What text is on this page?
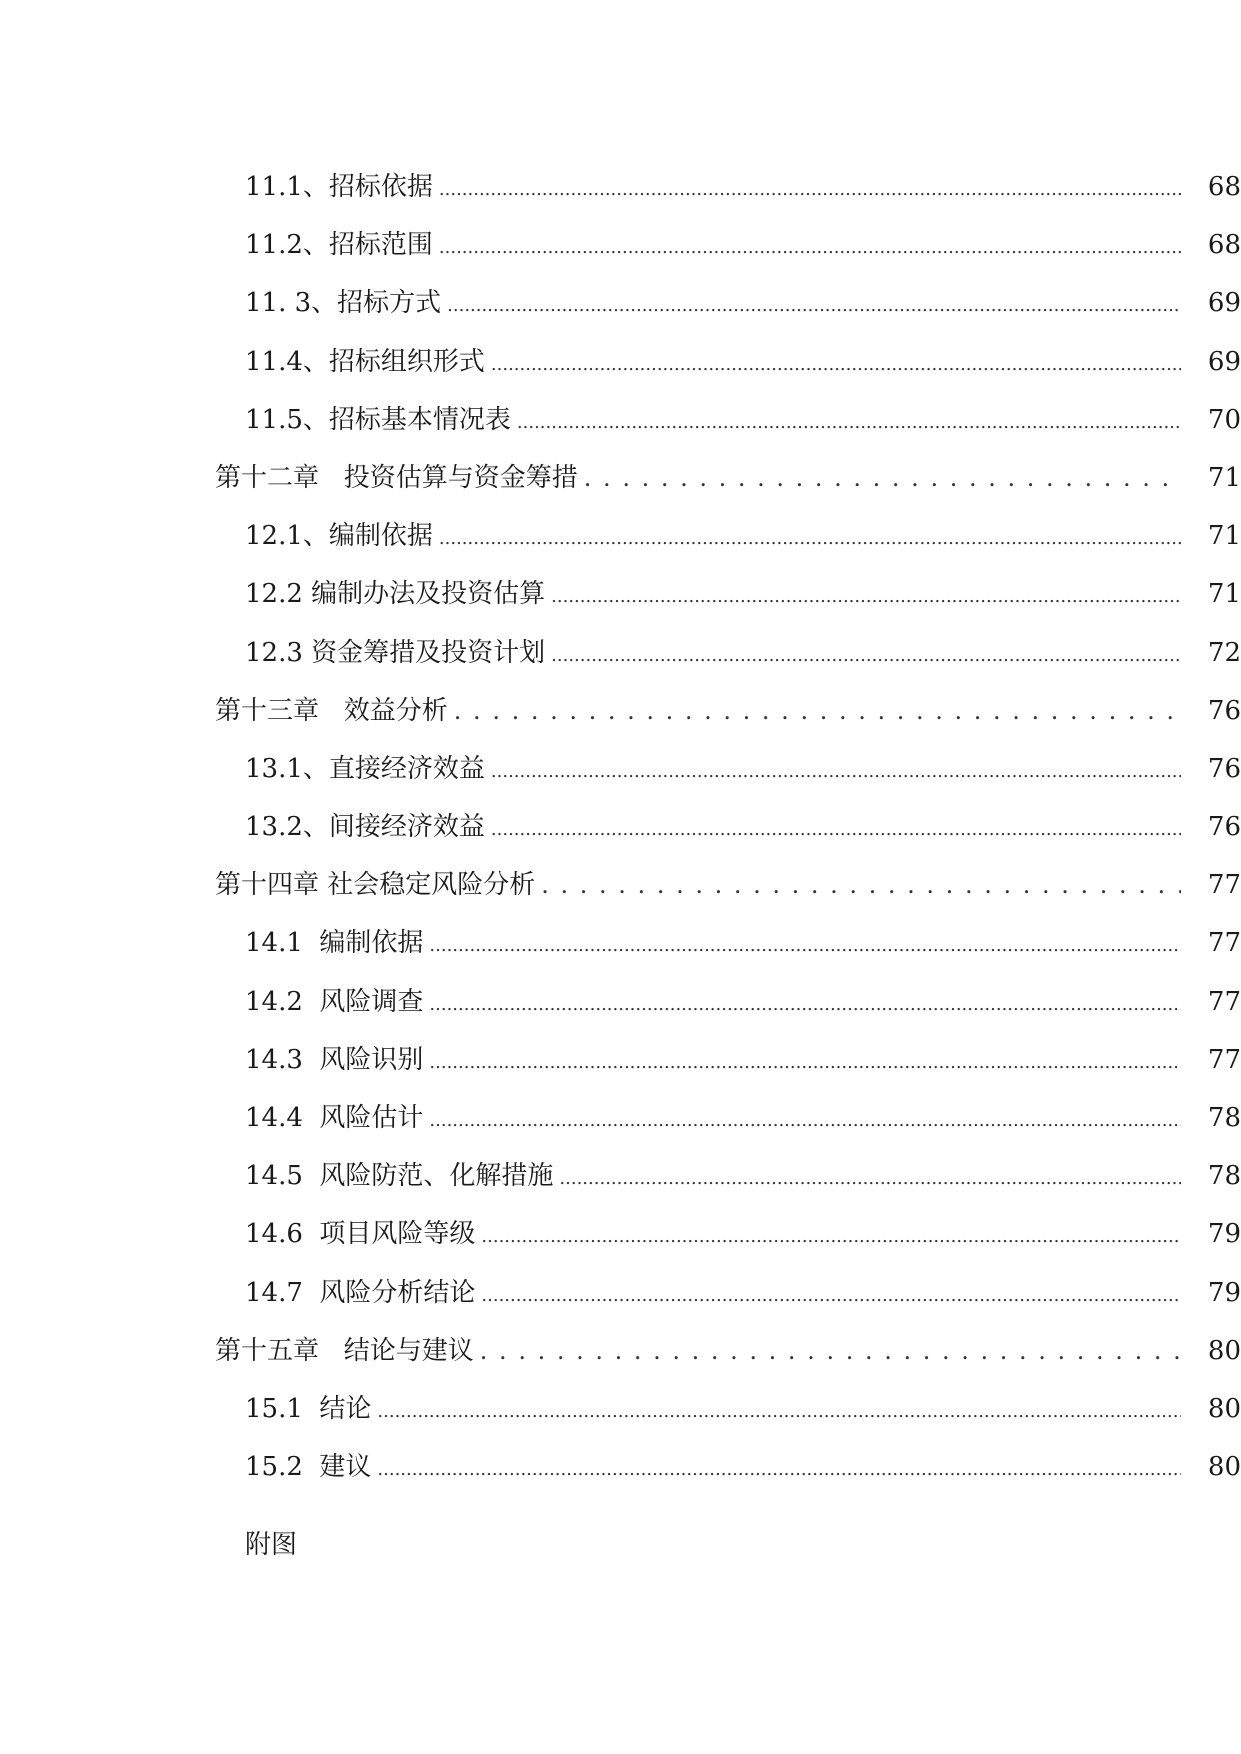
11.1、招标依据 .....	68
11.2、招标范围 .....	68
11. 3、招标方式 .....	69
11.4、招标组织形式 .....	69
11.5、招标基本情况表 .....	70
第十二章   投资估算与资金筹措 . . .	71
12.1、编制依据 .....	71
12.2 编制办法及投资估算 .....	71
12.3 资金筹措及投资计划 .....	72
第十三章   效益分析 . . .	76
13.1、直接经济效益 .....	76
13.2、间接经济效益 .....	76
第十四章 社会稳定风险分析 . . .	77
14.1  编制依据 .....	77
14.2  风险调查 .....	77
14.3  风险识别 .....	77
14.4  风险估计 .....	78
14.5  风险防范、化解措施 .....	78
14.6  项目风险等级 .....	79
14.7  风险分析结论 .....	79
第十五章   结论与建议 . . .	80
15.1  结论 .....	80
15.2  建议 .....	80
附图
